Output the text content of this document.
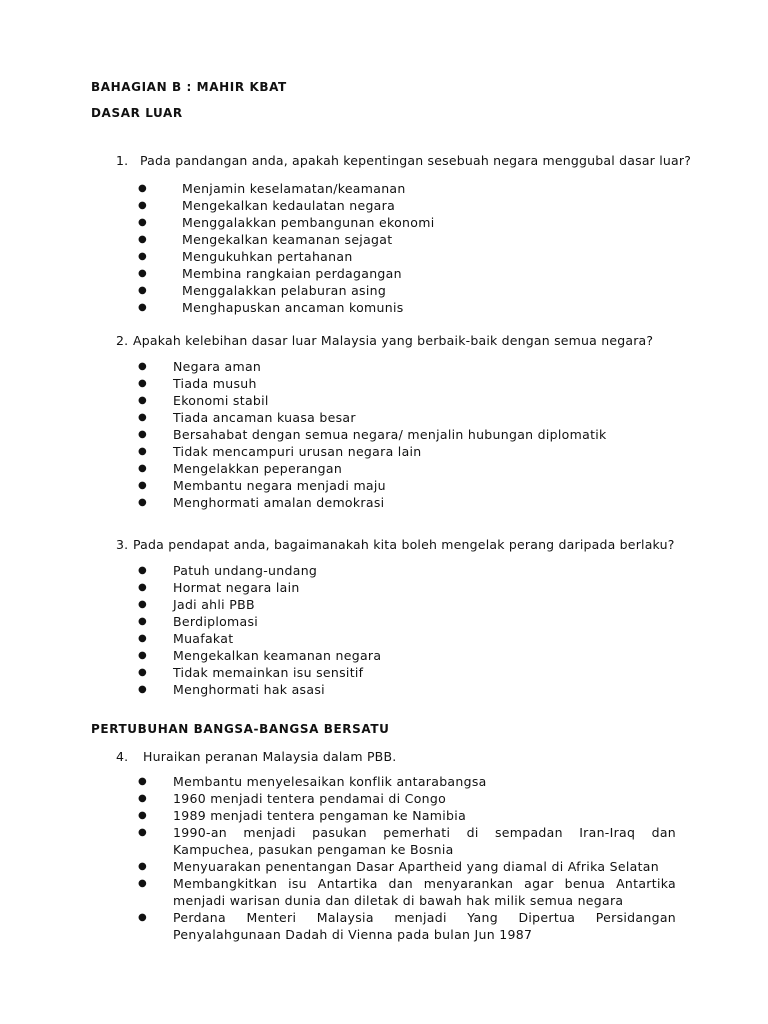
BAHAGIAN B : MAHIR KBAT
DASAR LUAR
1. Pada pandangan anda, apakah kepentingan sesebuah negara menggubal dasar luar?
●	Menjamin keselamatan/keamanan
●	Mengekalkan kedaulatan negara
●	Menggalakkan pembangunan ekonomi
●	Mengekalkan keamanan sejagat
●	Mengukuhkan pertahanan
●	Membina rangkaian perdagangan
●	Menggalakkan pelaburan asing
●	Menghapuskan ancaman komunis
2. Apakah kelebihan dasar luar Malaysia yang berbaik-baik dengan semua negara?
● Negara aman
● Tiada musuh
● Ekonomi stabil
● Tiada ancaman kuasa besar
● Bersahabat dengan semua negara/ menjalin hubungan diplomatik
● Tidak mencampuri urusan negara lain
● Mengelakkan peperangan
● Membantu negara menjadi maju
● Menghormati amalan demokrasi
3. Pada pendapat anda, bagaimanakah kita boleh mengelak perang daripada berlaku?
● Patuh undang-undang
● Hormat negara lain
● Jadi ahli PBB
● Berdiplomasi
● Muafakat
● Mengekalkan keamanan negara
● Tidak memainkan isu sensitif
● Menghormati hak asasi
PERTUBUHAN BANGSA-BANGSA BERSATU
4. Huraikan peranan Malaysia dalam PBB.
● Membantu menyelesaikan konflik antarabangsa
● 1960 menjadi tentera pendamai di Congo
● 1989 menjadi tentera pengaman ke Namibia
●	1990-an menjadi pasukan pemerhati di sempadan Iran-Iraq dan Kampuchea, pasukan pengaman ke Bosnia
● Menyuarakan penentangan Dasar Apartheid yang diamal di Afrika Selatan
●	Membangkitkan isu Antartika dan menyarankan agar benua Antartika menjadi warisan dunia dan diletak di bawah hak milik semua negara
●	Perdana Menteri Malaysia menjadi Yang Dipertua Persidangan Penyalahgunaan Dadah di Vienna pada bulan Jun 1987
